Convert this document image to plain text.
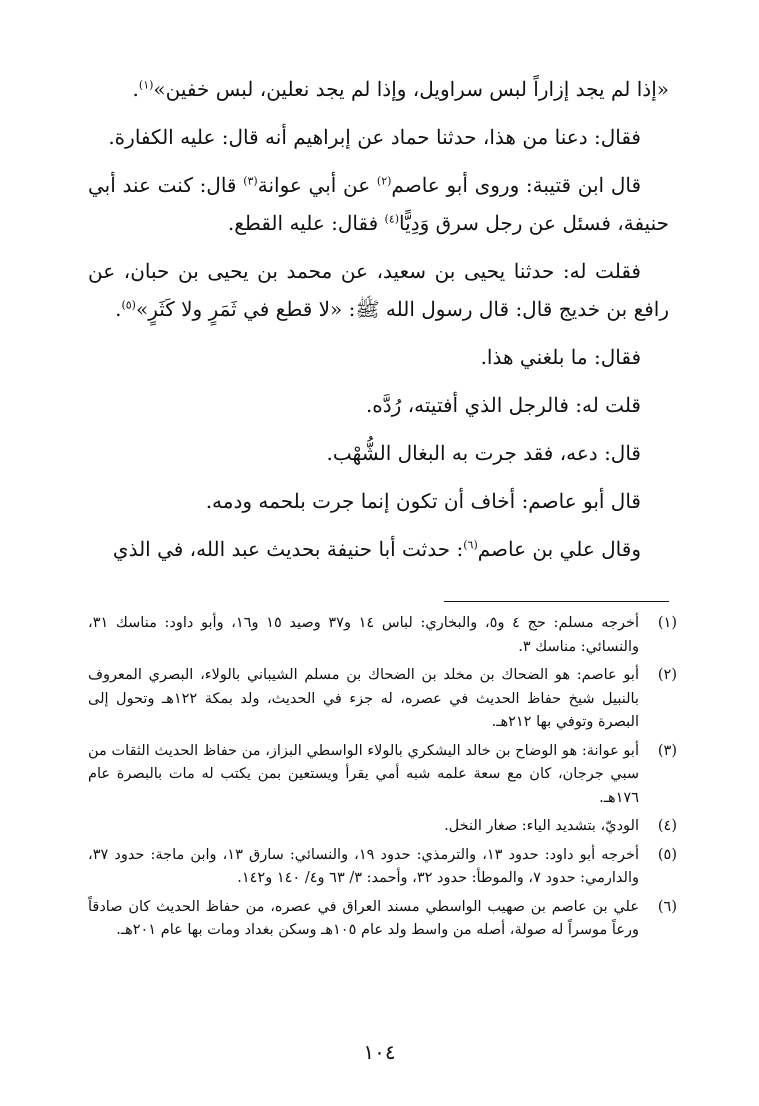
«إذا لم يجد إزاراً لبس سراويل، وإذا لم يجد نعلين، لبس خفين»$^{(١)}$.

فقال: دعنا من هذا، حدثنا حماد عن إبراهيم أنه قال: عليه الكفارة.

قال ابن قتيبة: وروى أبو عاصم$^{(٢)}$ عن أبي عوانة$^{(٣)}$ قال: كنت عند أبي حنيفة، فسئل عن رجل سرق وَدِيًّا$^{(٤)}$ فقال: عليه القطع.

فقلت له: حدثنا يحيى بن سعيد، عن محمد بن يحيى بن حبان، عن رافع بن خديج قال: قال رسول الله ﷺ: «لا قطع في ثَمَرٍ ولا كَثَرٍ»$^{(٥)}$.

فقال: ما بلغني هذا.

قلت له: فالرجل الذي أفتيته، رُدَّه.

قال: دعه، فقد جرت به البغال الشُّهْب.

قال أبو عاصم: أخاف أن تكون إنما جرت بلحمه ودمه.

وقال علي بن عاصم$^{(٦)}$: حدثت أبا حنيفة بحديث عبد الله، في الذي

(١)
أخرجه مسلم: حج ٤ و٥، والبخاري: لباس ١٤ و٣٧ وصيد ١٥ و١٦، وأبو داود: مناسك ٣١، والنسائي: مناسك ٣.
(٢)
أبو عاصم: هو الضحاك بن مخلد بن الضحاك بن مسلم الشيباني بالولاء، البصري المعروف بالنبيل شيخ حفاظ الحديث في عصره، له جزء في الحديث، ولد بمكة ١٢٢هـ وتحول إلى البصرة وتوفي بها ٢١٢هـ.
(٣)
أبو عوانة: هو الوضاح بن خالد اليشكري بالولاء الواسطي البزاز، من حفاظ الحديث الثقات من سبي جرجان، كان مع سعة علمه شبه أمي يقرأ ويستعين بمن يكتب له مات بالبصرة عام ١٧٦هـ.
(٤)
الوديّ، بتشديد الياء: صغار النخل.
(٥)
أخرجه أبو داود: حدود ١٣، والترمذي: حدود ١٩، والنسائي: سارق ١٣، وابن ماجة: حدود ٣٧، والدارمي: حدود ٧، والموطأ: حدود ٣٢، وأحمد: ٣/ ٦٣ و٤/ ١٤٠ و١٤٢.
(٦)
علي بن عاصم بن صهيب الواسطي مسند العراق في عصره، من حفاظ الحديث كان صادقاً ورعاً موسراً له صولة، أصله من واسط ولد عام ١٠٥هـ وسكن بغداد ومات بها عام ٢٠١هـ.
١٠٤
